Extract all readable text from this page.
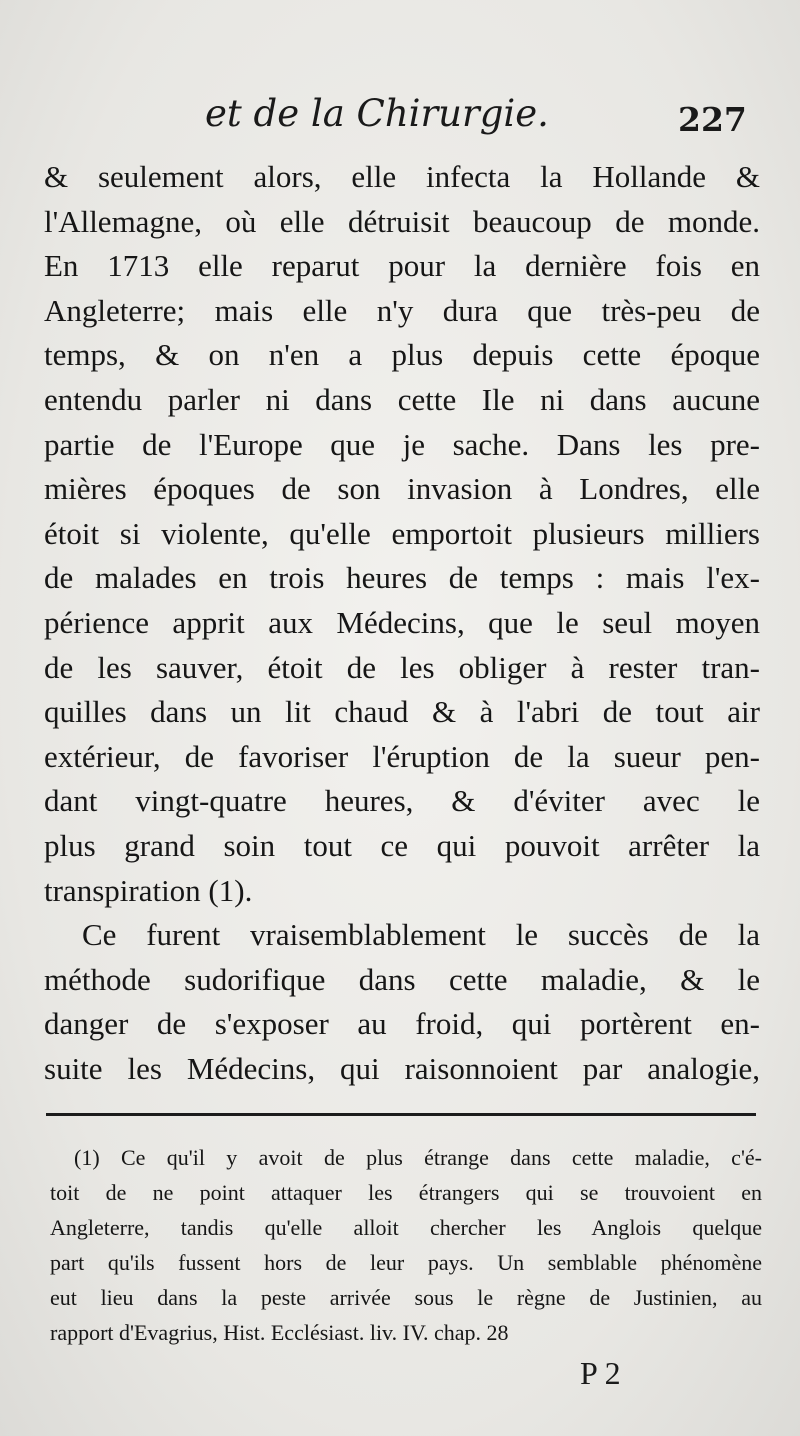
et de la Chirurgie.	227
& seulement alors, elle infecta la Hollande &
l'Allemagne, où elle détruisit beaucoup de monde.
En 1713 elle reparut pour la dernière fois en
Angleterre; mais elle n'y dura que très-peu de
temps, & on n'en a plus depuis cette époque
entendu parler ni dans cette Ile ni dans aucune
partie de l'Europe que je sache. Dans les pre-
mières époques de son invasion à Londres, elle
étoit si violente, qu'elle emportoit plusieurs milliers
de malades en trois heures de temps : mais l'ex-
périence apprit aux Médecins, que le seul moyen
de les sauver, étoit de les obliger à rester tran-
quilles dans un lit chaud & à l'abri de tout air
extérieur, de favoriser l'éruption de la sueur pen-
dant vingt-quatre heures, & d'éviter avec le
plus grand soin tout ce qui pouvoit arrêter la
transpiration (1).
Ce furent vraisemblablement le succès de la
méthode sudorifique dans cette maladie, & le
danger de s'exposer au froid, qui portèrent en-
suite les Médecins, qui raisonnoient par analogie,
(1) Ce qu'il y avoit de plus étrange dans cette maladie, c'é-
toit de ne point attaquer les étrangers qui se trouvoient en
Angleterre, tandis qu'elle alloit chercher les Anglois quelque
part qu'ils fussent hors de leur pays. Un semblable phénomène
eut lieu dans la peste arrivée sous le règne de Justinien, au
rapport d'Evagrius, Hist. Ecclésiast. liv. IV. chap. 28
P 2
